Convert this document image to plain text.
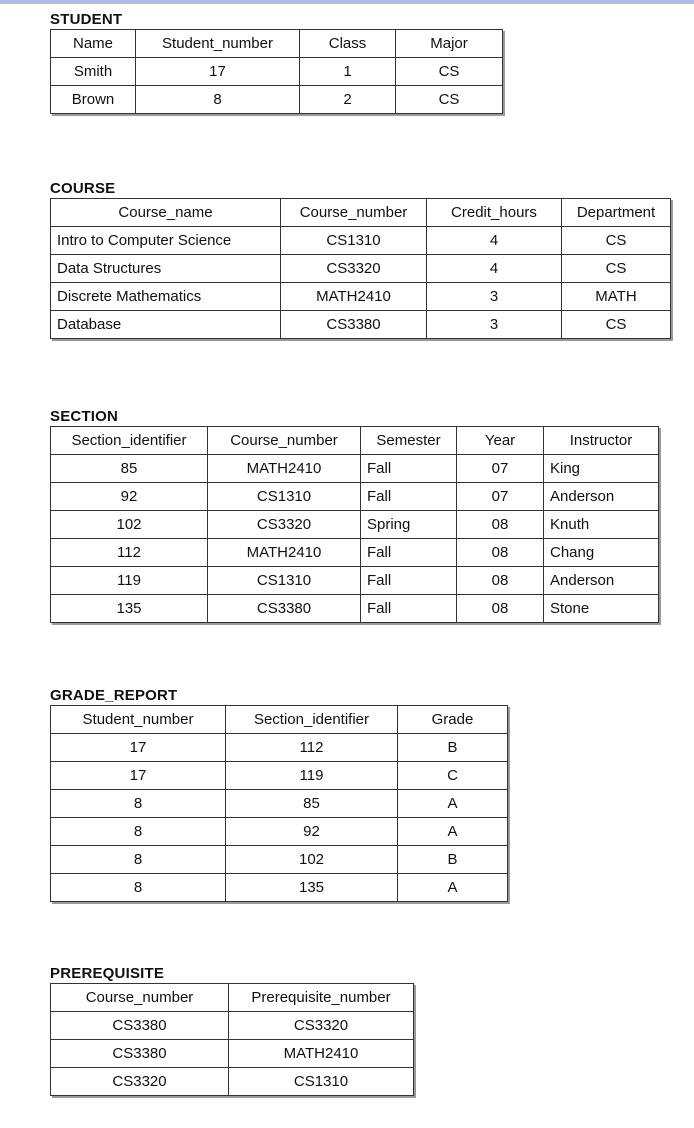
STUDENT
Name	Student_number	Class	Major
Smith	17	1	CS
Brown	8	2	CS
COURSE
Course_name	Course_number	Credit_hours	Department
Intro to Computer Science	CS1310	4	CS
Data Structures	CS3320	4	CS
Discrete Mathematics	MATH2410	3	MATH
Database	CS3380	3	CS
SECTION
Section_identifier	Course_number	Semester	Year	Instructor
85	MATH2410	Fall	07	King
92	CS1310	Fall	07	Anderson
102	CS3320	Spring	08	Knuth
112	MATH2410	Fall	08	Chang
119	CS1310	Fall	08	Anderson
135	CS3380	Fall	08	Stone
GRADE_REPORT
Student_number	Section_identifier	Grade
17	112	B
17	119	C
8	85	A
8	92	A
8	102	B
8	135	A
PREREQUISITE
Course_number	Prerequisite_number
CS3380	CS3320
CS3380	MATH2410
CS3320	CS1310
